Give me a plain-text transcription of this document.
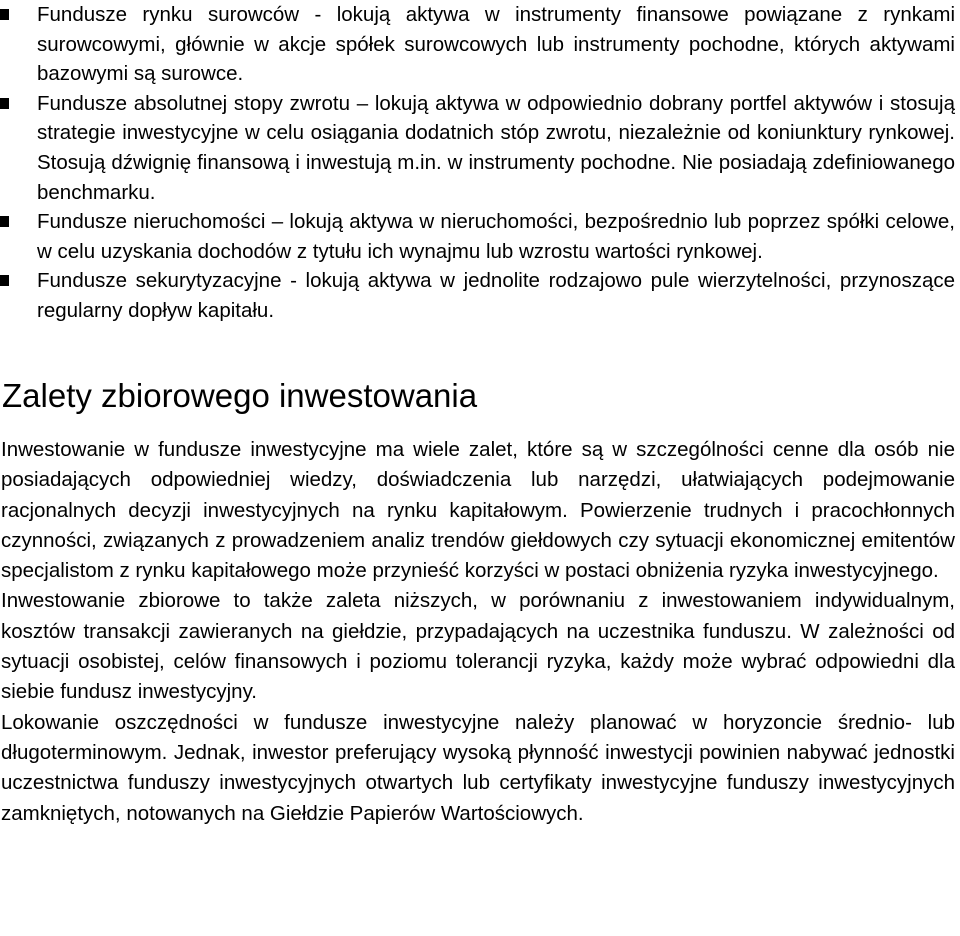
Fundusze rynku surowców - lokują aktywa w instrumenty finansowe powiązane z rynkami surowcowymi, głównie w akcje spółek surowcowych lub instrumenty pochodne, których aktywami bazowymi są surowce.
Fundusze absolutnej stopy zwrotu – lokują aktywa w odpowiednio dobrany portfel aktywów i stosują strategie inwestycyjne w celu osiągania dodatnich stóp zwrotu, niezależnie od koniunktury rynkowej. Stosują dźwignię finansową i inwestują m.in. w instrumenty pochodne. Nie posiadają zdefiniowanego benchmarku.
Fundusze nieruchomości – lokują aktywa w nieruchomości, bezpośrednio lub poprzez spółki celowe, w celu uzyskania dochodów z tytułu ich wynajmu lub wzrostu wartości rynkowej.
Fundusze sekurytyzacyjne - lokują aktywa w jednolite rodzajowo pule wierzytelności, przynoszące regularny dopływ kapitału.
Zalety zbiorowego inwestowania

Inwestowanie w fundusze inwestycyjne ma wiele zalet, które są w szczególności cenne dla osób nie posiadających odpowiedniej wiedzy, doświadczenia lub narzędzi, ułatwiających podejmowanie racjonalnych decyzji inwestycyjnych na rynku kapitałowym. Powierzenie trudnych i pracochłonnych czynności, związanych z prowadzeniem analiz trendów giełdowych czy sytuacji ekonomicznej emitentów specjalistom z rynku kapitałowego może przynieść korzyści w postaci obniżenia ryzyka inwestycyjnego.

Inwestowanie zbiorowe to także zaleta niższych, w porównaniu z inwestowaniem indywidualnym, kosztów transakcji zawieranych na giełdzie, przypadających na uczestnika funduszu. W zależności od sytuacji osobistej, celów finansowych i poziomu tolerancji ryzyka, każdy może wybrać odpowiedni dla siebie fundusz inwestycyjny.

Lokowanie oszczędności w fundusze inwestycyjne należy planować w horyzoncie średnio- lub długoterminowym. Jednak, inwestor preferujący wysoką płynność inwestycji powinien nabywać jednostki uczestnictwa funduszy inwestycyjnych otwartych lub certyfikaty inwestycyjne funduszy inwestycyjnych zamkniętych, notowanych na Giełdzie Papierów Wartościowych.
